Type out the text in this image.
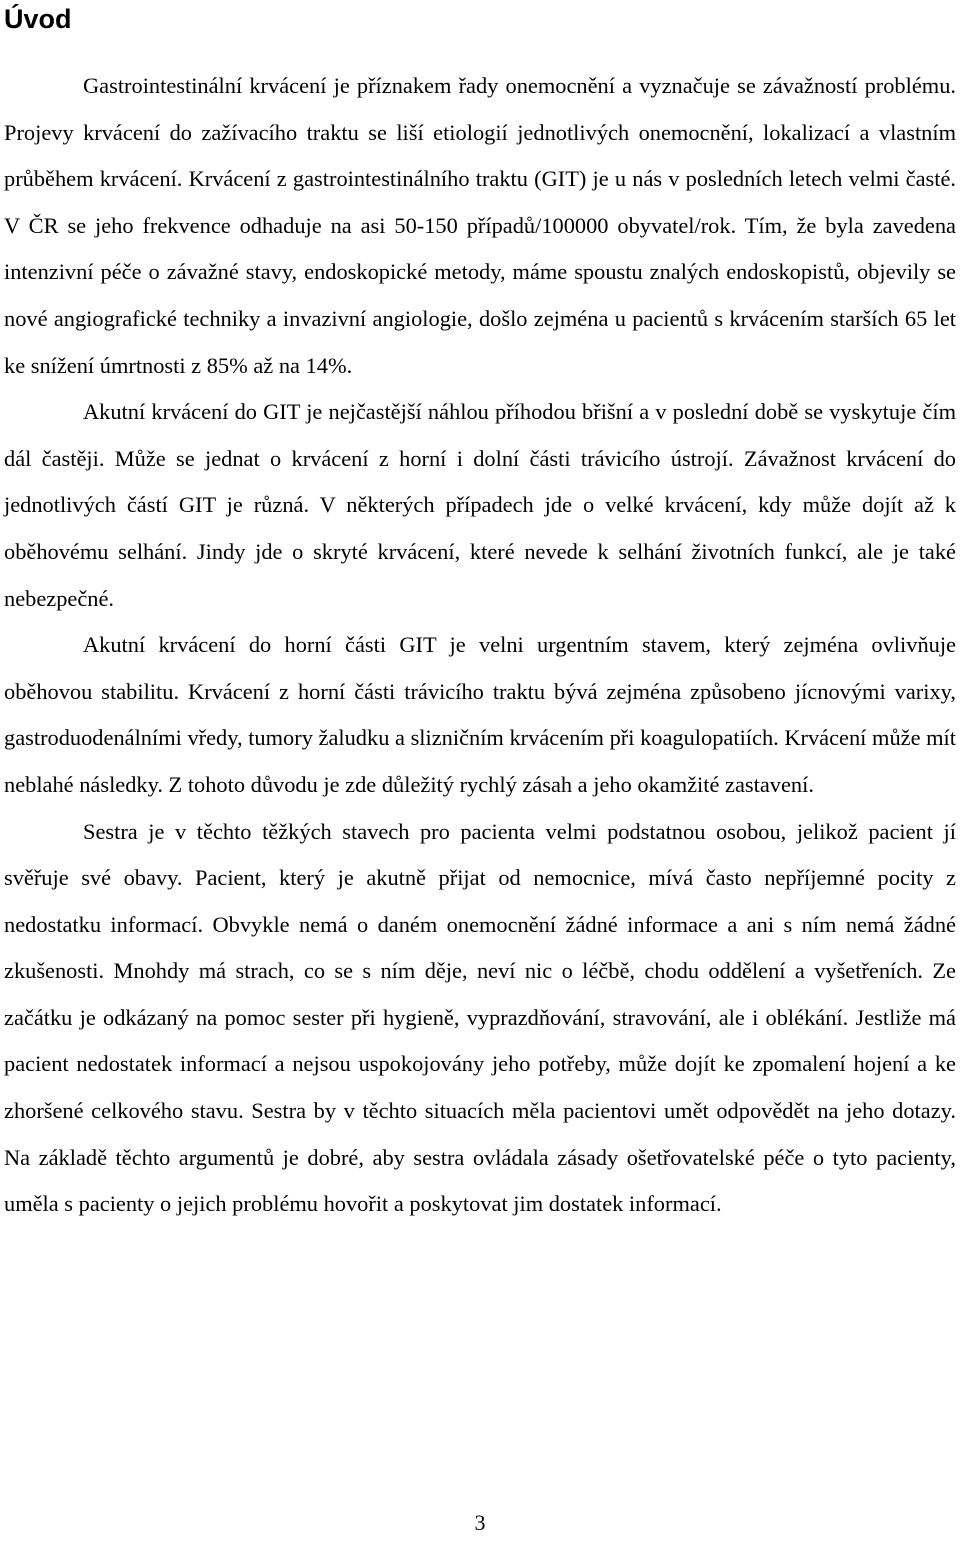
Úvod

Gastrointestinální krvácení je příznakem řady onemocnění a vyznačuje se závažností problému. Projevy krvácení do zažívacího traktu se liší etiologií jednotlivých onemocnění, lokalizací a vlastním průběhem krvácení. Krvácení z gastrointestinálního traktu (GIT) je u nás v posledních letech velmi časté. V ČR se jeho frekvence odhaduje na asi 50-150 případů/100000 obyvatel/rok. Tím, že byla zavedena intenzivní péče o závažné stavy, endoskopické metody, máme spoustu znalých endoskopistů, objevily se nové angiografické techniky a invazivní angiologie, došlo zejména u pacientů s krvácením starších 65 let ke snížení úmrtnosti z 85% až na 14%.

Akutní krvácení do GIT je nejčastější náhlou příhodou břišní a v poslední době se vyskytuje čím dál častěji. Může se jednat o krvácení z horní i dolní části trávicího ústrojí. Závažnost krvácení do jednotlivých částí GIT je různá. V některých případech jde o velké krvácení, kdy může dojít až k oběhovému selhání. Jindy jde o skryté krvácení, které nevede k selhání životních funkcí, ale je také nebezpečné.

Akutní krvácení do horní části GIT je velni urgentním stavem, který zejména ovlivňuje oběhovou stabilitu. Krvácení z horní části trávicího traktu bývá zejména způsobeno jícnovými varixy, gastroduodenálními vředy, tumory žaludku a slizničním krvácením při koagulopatiích. Krvácení může mít neblahé následky. Z tohoto důvodu je zde důležitý rychlý zásah a jeho okamžité zastavení.

Sestra je v těchto těžkých stavech pro pacienta velmi podstatnou osobou, jelikož pacient jí svěřuje své obavy. Pacient, který je akutně přijat od nemocnice, mívá často nepříjemné pocity z nedostatku informací. Obvykle nemá o daném onemocnění žádné informace a ani s ním nemá žádné zkušenosti. Mnohdy má strach, co se s ním děje, neví nic o léčbě, chodu oddělení a vyšetřeních. Ze začátku je odkázaný na pomoc sester při hygieně, vyprazdňování, stravování, ale i oblékání. Jestliže má pacient nedostatek informací a nejsou uspokojovány jeho potřeby, může dojít ke zpomalení hojení a ke zhoršené celkového stavu. Sestra by v těchto situacích měla pacientovi umět odpovědět na jeho dotazy. Na základě těchto argumentů je dobré, aby sestra ovládala zásady ošetřovatelské péče o tyto pacienty, uměla s pacienty o jejich problému hovořit a poskytovat jim dostatek informací.

3
